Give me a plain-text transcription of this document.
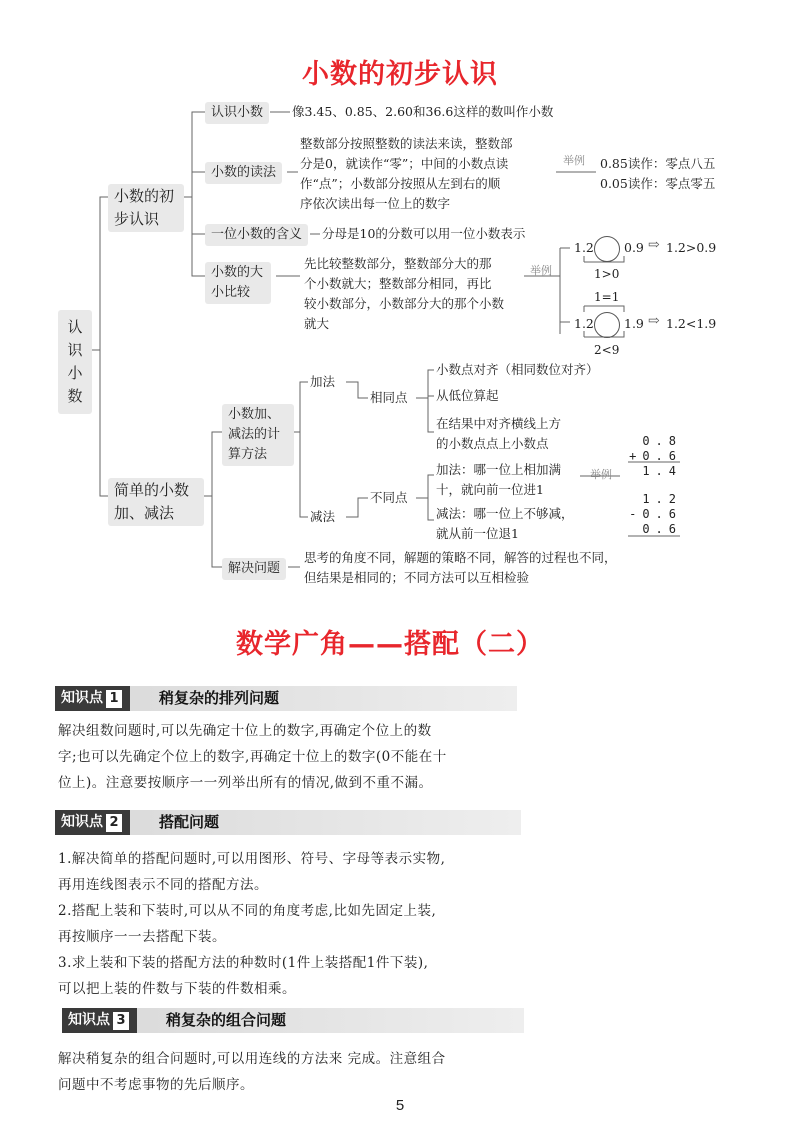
小数的初步认识
认识小数
小数的初步认识
认识小数	像3.45、0.85、2.60和36.6这样的数叫作小数
小数的读法
整数部分按照整数的读法来读，整数部
分是0，就读作“零”；中间的小数点读
作“点”；小数部分按照从左到右的顺
序依次读出每一位上的数字
举例 0.85读作：零点八五
0.05读作：零点零五
一位小数的含义	分母是10的分数可以用一位小数表示
小数的大小比较
先比较整数部分，整数部分大的那
个小数就大；整数部分相同，再比
较小数部分，小数部分大的那个小数
就大
举例
1.2 0.9 ⇨ 1.2>0.9
1>0
1=1
1.2 1.9 ⇨ 1.2<1.9
2<9
简单的小数加、减法
小数加、减法的计算方法
加法
减法
相同点
不同点
小数点对齐（相同数位对齐）
从低位算起
在结果中对齐横线上方
的小数点点上小数点
加法：哪一位上相加满
十，就向前一位进1
举例
减法：哪一位上不够减，
就从前一位退1
0.8
+0.6
1.4
1.2
-0.6
0.6
解决问题
思考的角度不同，解题的策略不同，解答的过程也不同，
但结果是相同的；不同方法可以互相检验
数学广角——搭配（二）
知识点 1	稍复杂的排列问题
解决组数问题时,可以先确定十位上的数字,再确定个位上的数
字;也可以先确定个位上的数字,再确定十位上的数字(0不能在十
位上)。注意要按顺序一一列举出所有的情况,做到不重不漏。
知识点 2	搭配问题
1.解决简单的搭配问题时,可以用图形、符号、字母等表示实物,
再用连线图表示不同的搭配方法。
2.搭配上装和下装时,可以从不同的角度考虑,比如先固定上装,
再按顺序一一去搭配下装。
3.求上装和下装的搭配方法的种数时(1件上装搭配1件下装),
可以把上装的件数与下装的件数相乘。
知识点 3	稍复杂的组合问题
解决稍复杂的组合问题时,可以用连线的方法来 完成。注意组合
问题中不考虑事物的先后顺序。
5
